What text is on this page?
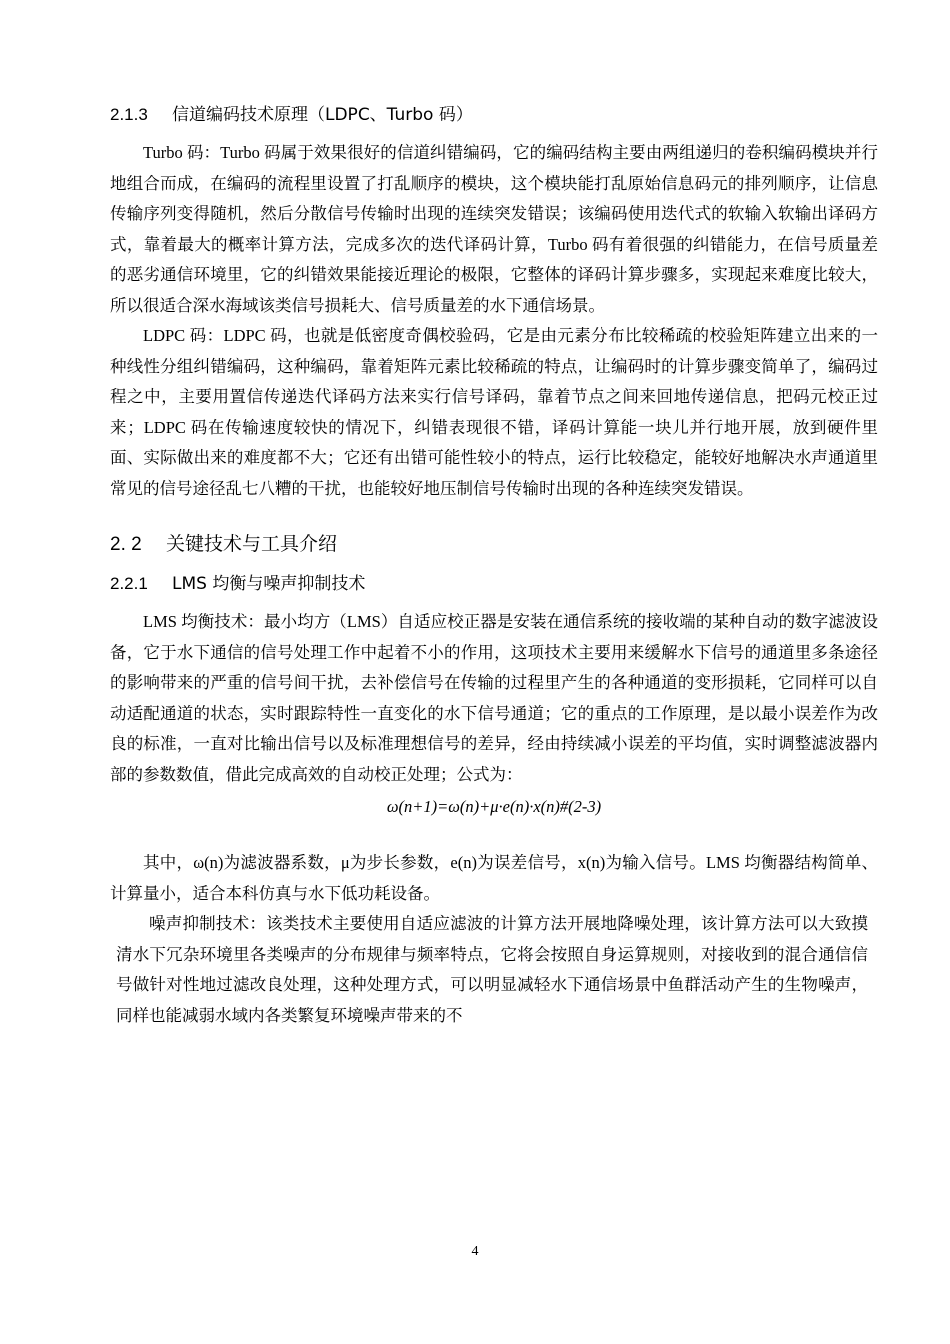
2.1.3 信道编码技术原理（LDPC、Turbo 码）

Turbo 码：Turbo 码属于效果很好的信道纠错编码，它的编码结构主要由两组递归的卷积编码模块并行地组合而成，在编码的流程里设置了打乱顺序的模块，这个模块能打乱原始信息码元的排列顺序，让信息传输序列变得随机，然后分散信号传输时出现的连续突发错误；该编码使用迭代式的软输入软输出译码方式，靠着最大的概率计算方法，完成多次的迭代译码计算，Turbo 码有着很强的纠错能力，在信号质量差的恶劣通信环境里，它的纠错效果能接近理论的极限，它整体的译码计算步骤多，实现起来难度比较大，所以很适合深水海域该类信号损耗大、信号质量差的水下通信场景。

LDPC 码：LDPC 码，也就是低密度奇偶校验码，它是由元素分布比较稀疏的校验矩阵建立出来的一种线性分组纠错编码，这种编码，靠着矩阵元素比较稀疏的特点，让编码时的计算步骤变简单了，编码过程之中，主要用置信传递迭代译码方法来实行信号译码，靠着节点之间来回地传递信息，把码元校正过来；LDPC 码在传输速度较快的情况下，纠错表现很不错，译码计算能一块儿并行地开展，放到硬件里面、实际做出来的难度都不大；它还有出错可能性较小的特点，运行比较稳定，能较好地解决水声通道里常见的信号途径乱七八糟的干扰，也能较好地压制信号传输时出现的各种连续突发错误。

2. 2 关键技术与工具介绍
2.2.1 LMS 均衡与噪声抑制技术

LMS 均衡技术：最小均方（LMS）自适应校正器是安装在通信系统的接收端的某种自动的数字滤波设备，它于水下通信的信号处理工作中起着不小的作用，这项技术主要用来缓解水下信号的通道里多条途径的影响带来的严重的信号间干扰，去补偿信号在传输的过程里产生的各种通道的变形损耗，它同样可以自动适配通道的状态，实时跟踪特性一直变化的水下信号通道；它的重点的工作原理，是以最小误差作为改良的标准，一直对比输出信号以及标准理想信号的差异，经由持续减小误差的平均值，实时调整滤波器内部的参数数值，借此完成高效的自动校正处理；公式为：

ω(n+1)=ω(n)+μ·e(n)·x(n)#(2-3)

其中，ω(n)为滤波器系数，μ为步长参数，e(n)为误差信号，x(n)为输入信号。LMS 均衡器结构简单、计算量小，适合本科仿真与水下低功耗设备。

噪声抑制技术：该类技术主要使用自适应滤波的计算方法开展地降噪处理，该计算方法可以大致摸清水下冗杂环境里各类噪声的分布规律与频率特点，它将会按照自身运算规则，对接收到的混合通信信号做针对性地过滤改良处理，这种处理方式，可以明显减轻水下通信场景中鱼群活动产生的生物噪声，同样也能减弱水域内各类繁复环境噪声带来的不

4
